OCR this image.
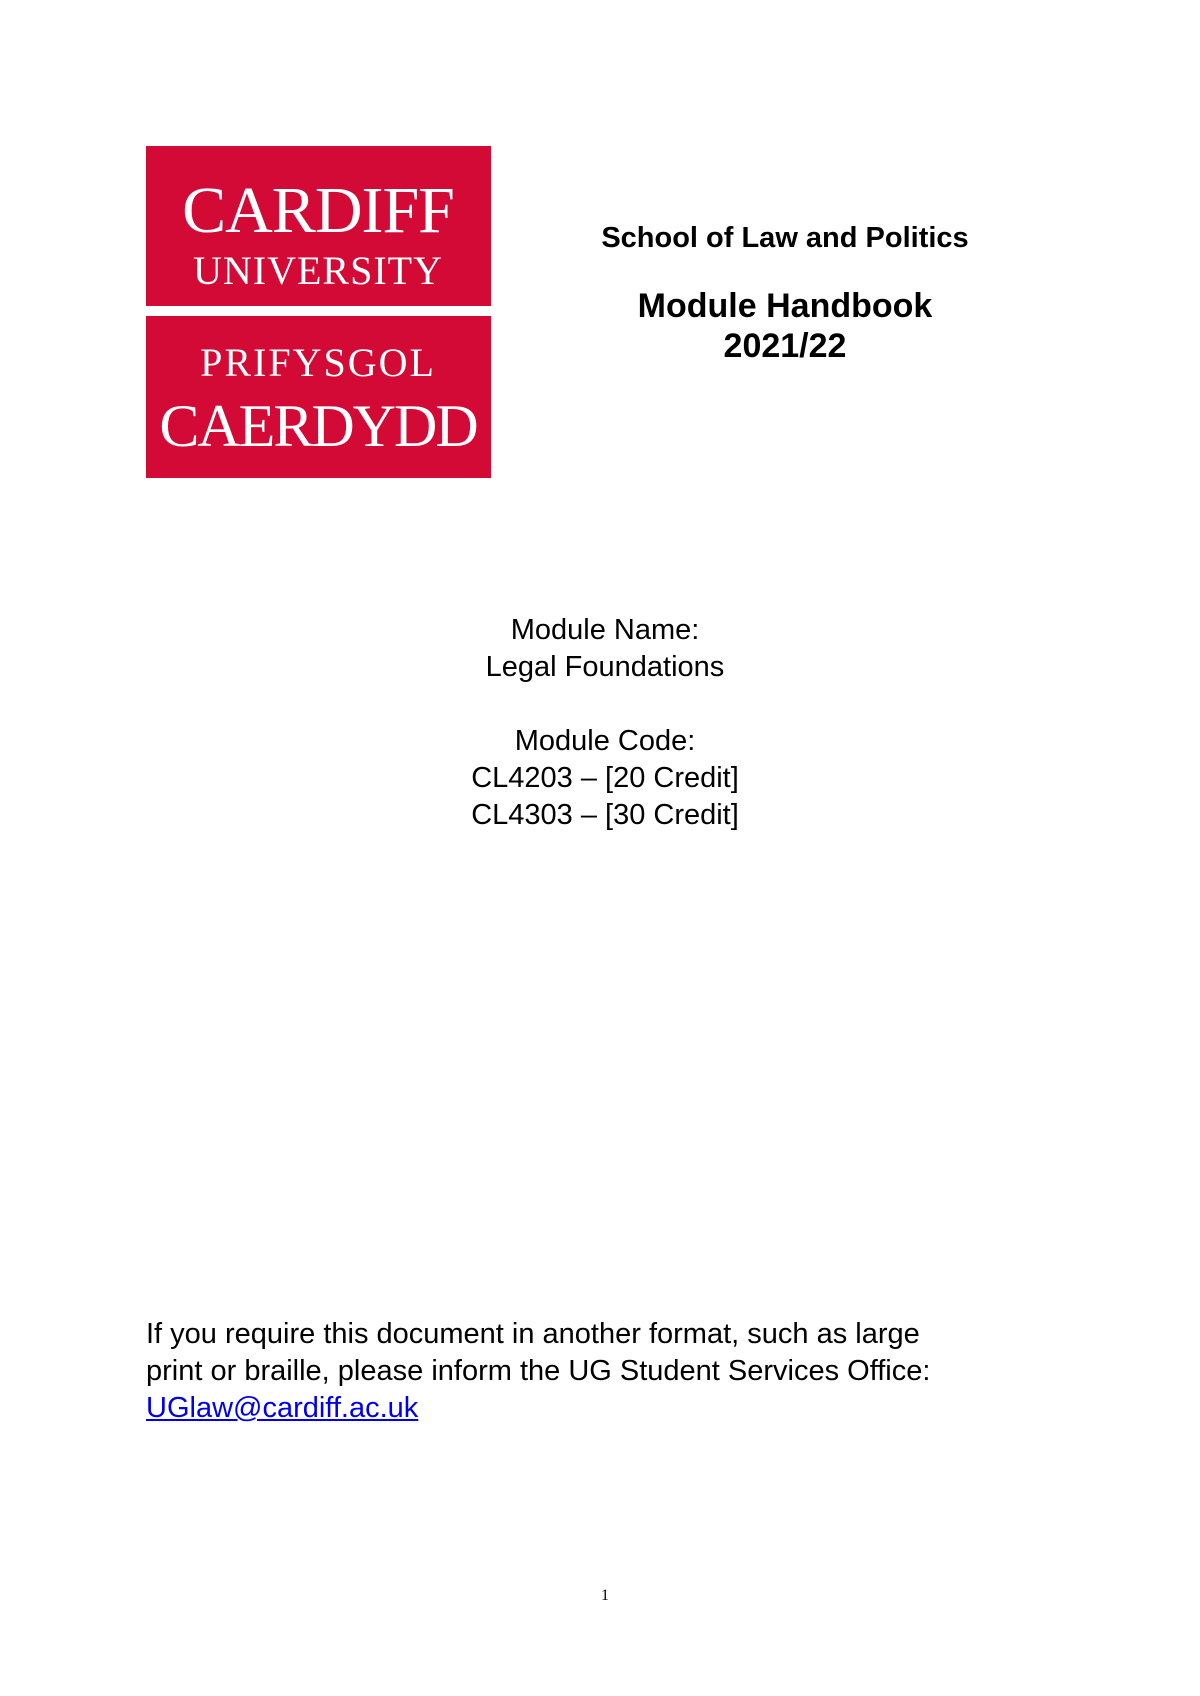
CARDIFF
UNIVERSITY
PRIFYSGOL
CAERDYDD
School of Law and Politics
Module Handbook
2021/22
Module Name:
Legal Foundations
Module Code:
CL4203 – [20 Credit]
CL4303 – [30 Credit]
If you require this document in another format, such as large
print or braille, please inform the UG Student Services Office:
UGlaw@cardiff.ac.uk
1
